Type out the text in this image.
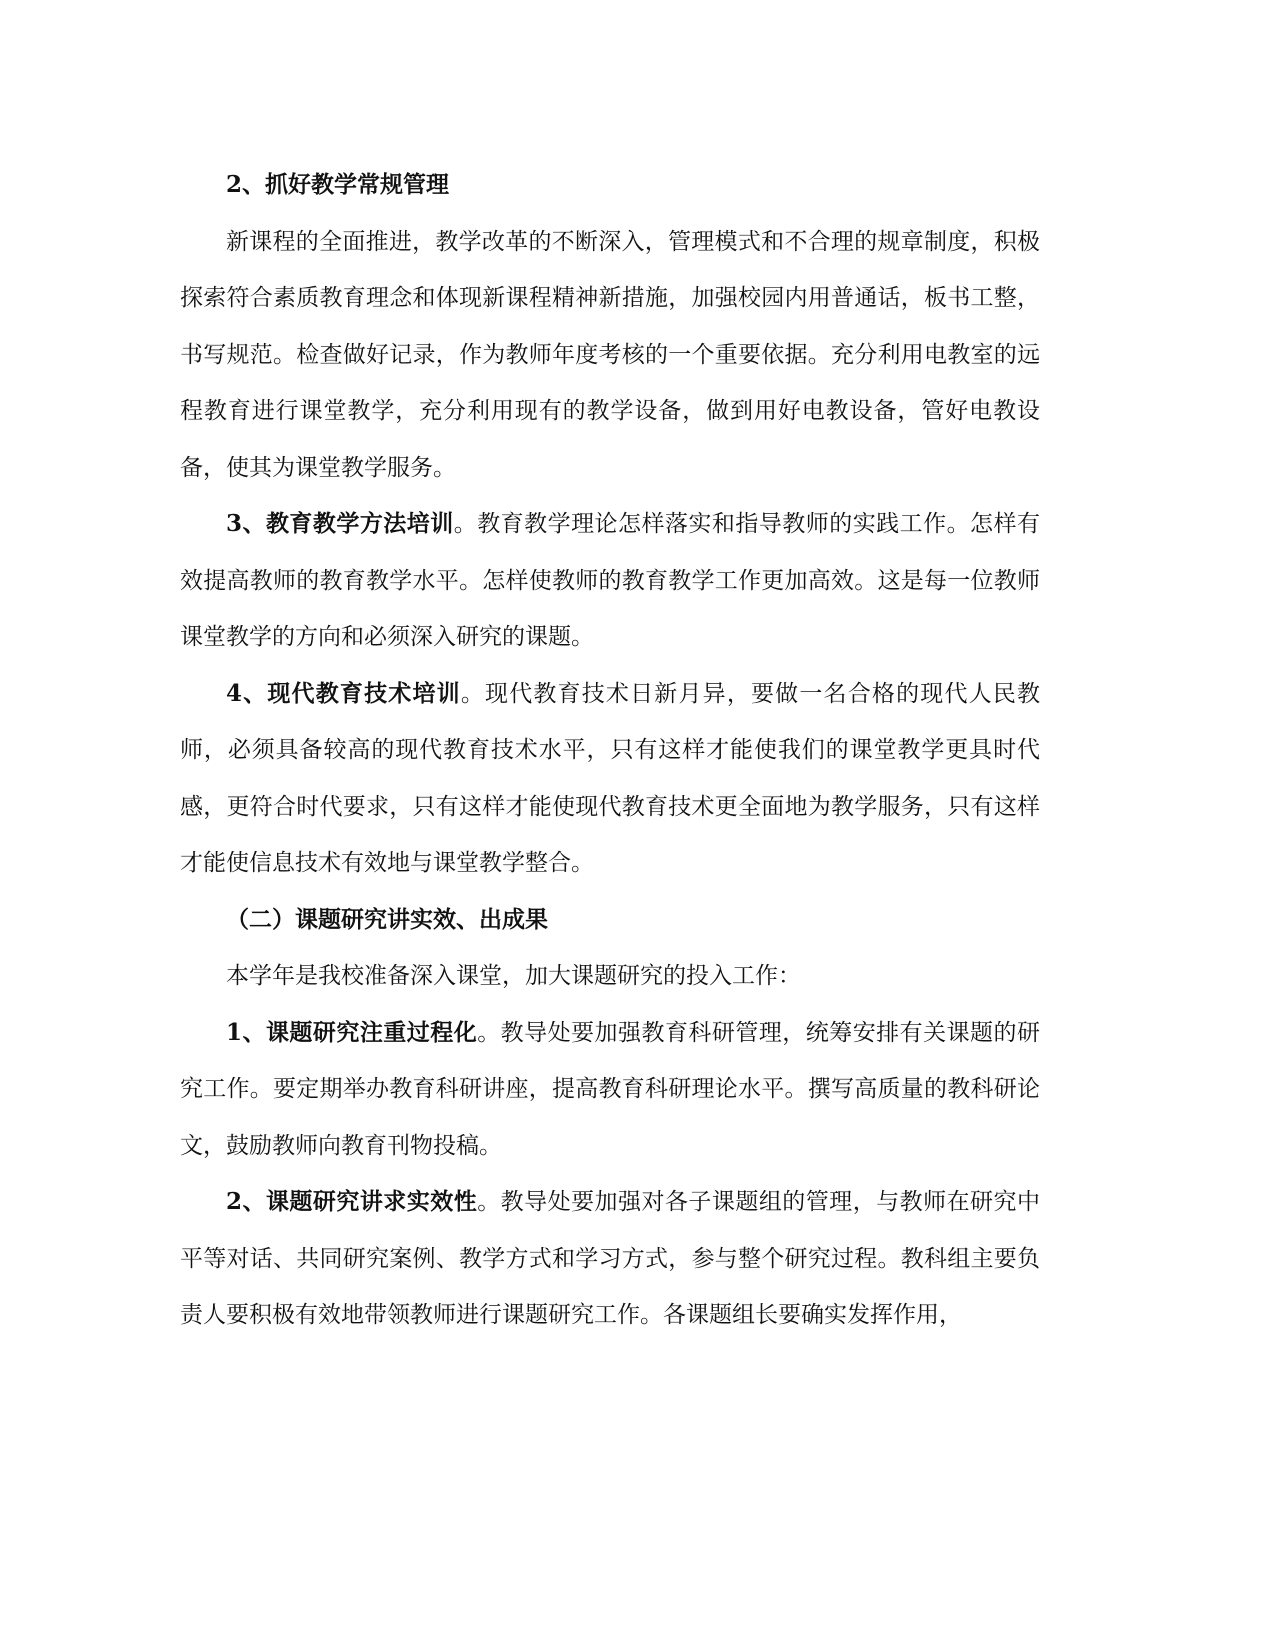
2、抓好教学常规管理

新课程的全面推进，教学改革的不断深入，管理模式和不合理的规章制度，积极探索符合素质教育理念和体现新课程精神新措施，加强校园内用普通话，板书工整，书写规范。检查做好记录，作为教师年度考核的一个重要依据。充分利用电教室的远程教育进行课堂教学，充分利用现有的教学设备，做到用好电教设备，管好电教设备，使其为课堂教学服务。

3、教育教学方法培训。教育教学理论怎样落实和指导教师的实践工作。怎样有效提高教师的教育教学水平。怎样使教师的教育教学工作更加高效。这是每一位教师课堂教学的方向和必须深入研究的课题。

4、现代教育技术培训。现代教育技术日新月异，要做一名合格的现代人民教师，必须具备较高的现代教育技术水平，只有这样才能使我们的课堂教学更具时代感，更符合时代要求，只有这样才能使现代教育技术更全面地为教学服务，只有这样才能使信息技术有效地与课堂教学整合。

（二）课题研究讲实效、出成果

本学年是我校准备深入课堂，加大课题研究的投入工作：

1、课题研究注重过程化。教导处要加强教育科研管理，统筹安排有关课题的研究工作。要定期举办教育科研讲座，提高教育科研理论水平。撰写高质量的教科研论文，鼓励教师向教育刊物投稿。

2、课题研究讲求实效性。教导处要加强对各子课题组的管理，与教师在研究中平等对话、共同研究案例、教学方式和学习方式，参与整个研究过程。教科组主要负责人要积极有效地带领教师进行课题研究工作。各课题组长要确实发挥作用，
